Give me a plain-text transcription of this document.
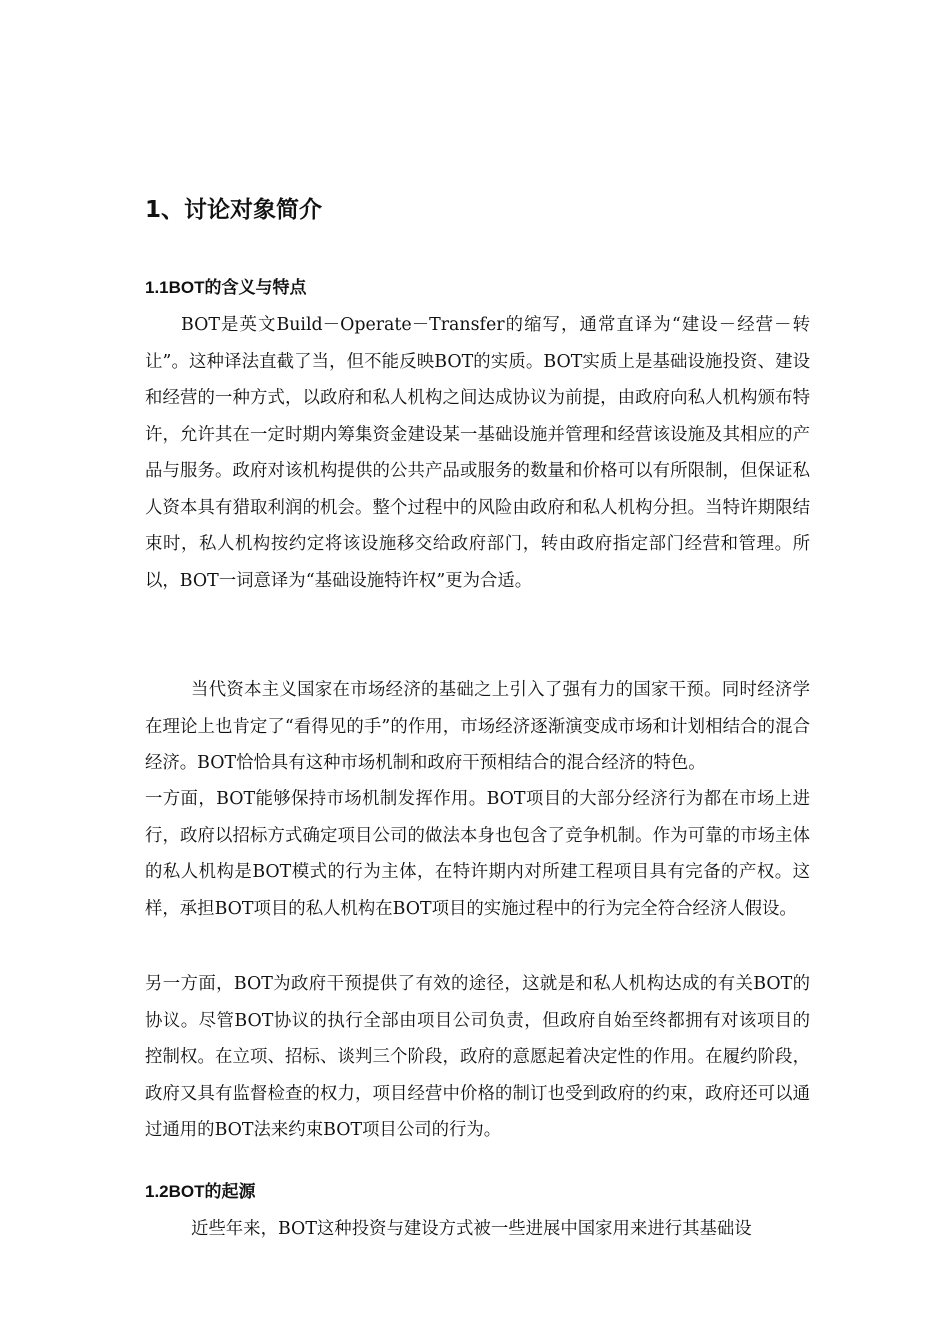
1、讨论对象简介
1.1BOT的含义与特点
BOT是英文Build－Operate－Transfer的缩写，通常直译为“建设－经营－转让”。这种译法直截了当，但不能反映BOT的实质。BOT实质上是基础设施投资、建设和经营的一种方式，以政府和私人机构之间达成协议为前提，由政府向私人机构颁布特许，允许其在一定时期内筹集资金建设某一基础设施并管理和经营该设施及其相应的产品与服务。政府对该机构提供的公共产品或服务的数量和价格可以有所限制，但保证私人资本具有猎取利润的机会。整个过程中的风险由政府和私人机构分担。当特许期限结束时，私人机构按约定将该设施移交给政府部门，转由政府指定部门经营和管理。所以，BOT一词意译为“基础设施特许权”更为合适。
当代资本主义国家在市场经济的基础之上引入了强有力的国家干预。同时经济学在理论上也肯定了“看得见的手”的作用，市场经济逐渐演变成市场和计划相结合的混合经济。BOT恰恰具有这种市场机制和政府干预相结合的混合经济的特色。
一方面，BOT能够保持市场机制发挥作用。BOT项目的大部分经济行为都在市场上进行，政府以招标方式确定项目公司的做法本身也包含了竞争机制。作为可靠的市场主体的私人机构是BOT模式的行为主体，在特许期内对所建工程项目具有完备的产权。这样，承担BOT项目的私人机构在BOT项目的实施过程中的行为完全符合经济人假设。
另一方面，BOT为政府干预提供了有效的途径，这就是和私人机构达成的有关BOT的协议。尽管BOT协议的执行全部由项目公司负责，但政府自始至终都拥有对该项目的控制权。在立项、招标、谈判三个阶段，政府的意愿起着决定性的作用。在履约阶段，政府又具有监督检查的权力，项目经营中价格的制订也受到政府的约束，政府还可以通过通用的BOT法来约束BOT项目公司的行为。
1.2BOT的起源
近些年来，BOT这种投资与建设方式被一些进展中国家用来进行其基础设
